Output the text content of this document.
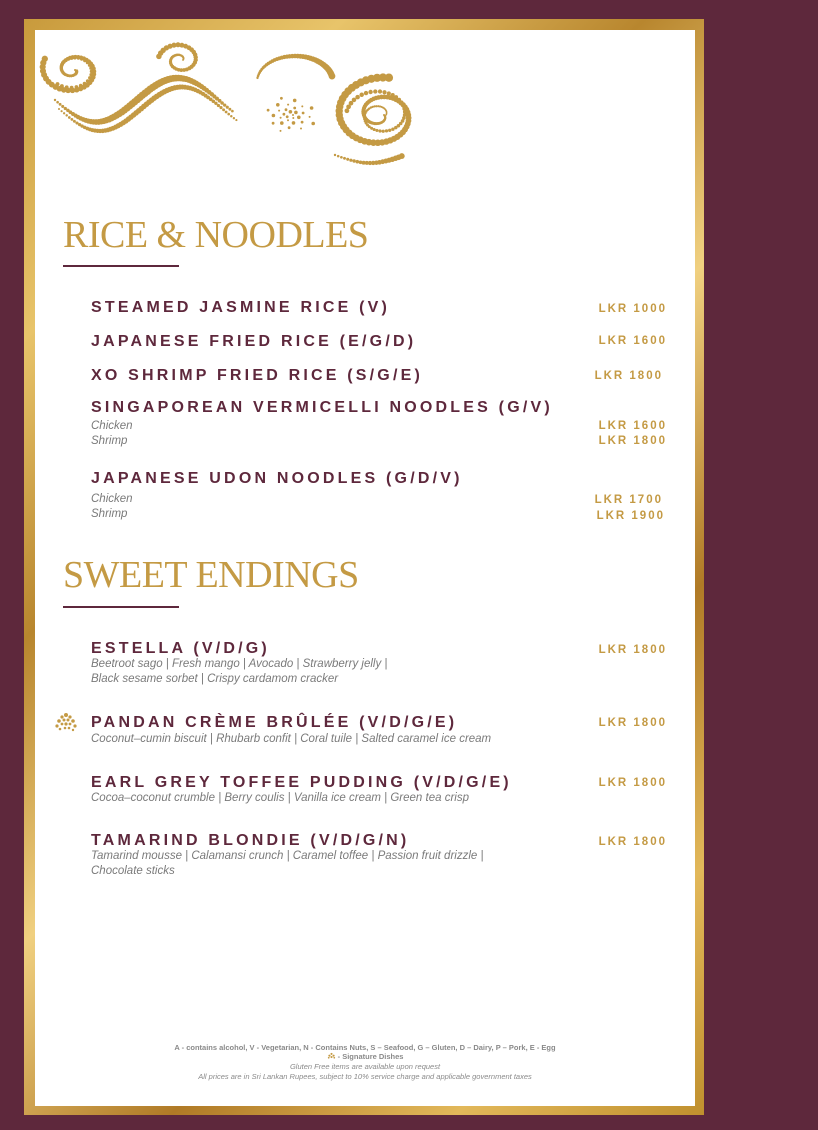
RICE & NOODLES
STEAMED JASMINE RICE (V)	LKR 1000
JAPANESE FRIED RICE (E/G/D)	LKR 1600
XO SHRIMP FRIED RICE (S/G/E)	LKR 1800
SINGAPOREAN VERMICELLI NOODLES (G/V)
Chicken	LKR 1600
Shrimp	LKR 1800
JAPANESE UDON NOODLES (G/D/V)
Chicken	LKR 1700
Shrimp	LKR 1900
SWEET ENDINGS
ESTELLA (V/D/G)	LKR 1800
Beetroot sago | Fresh mango | Avocado | Strawberry jelly |
Black sesame sorbet | Crispy cardamom cracker
PANDAN CRÈME BRÛLÉE (V/D/G/E)	LKR 1800
Coconut–cumin biscuit | Rhubarb confit | Coral tuile | Salted caramel ice cream
EARL GREY TOFFEE PUDDING (V/D/G/E)	LKR 1800
Cocoa–coconut crumble | Berry coulis | Vanilla ice cream | Green tea crisp
TAMARIND BLONDIE (V/D/G/N)	LKR 1800
Tamarind mousse | Calamansi crunch | Caramel toffee | Passion fruit drizzle |
Chocolate sticks
A - contains alcohol, V - Vegetarian, N - Contains Nuts, S – Seafood, G – Gluten, D – Dairy, P – Pork, E - Egg
- Signature Dishes
Gluten Free items are available upon request
All prices are in Sri Lankan Rupees, subject to 10% service charge and applicable government taxes
